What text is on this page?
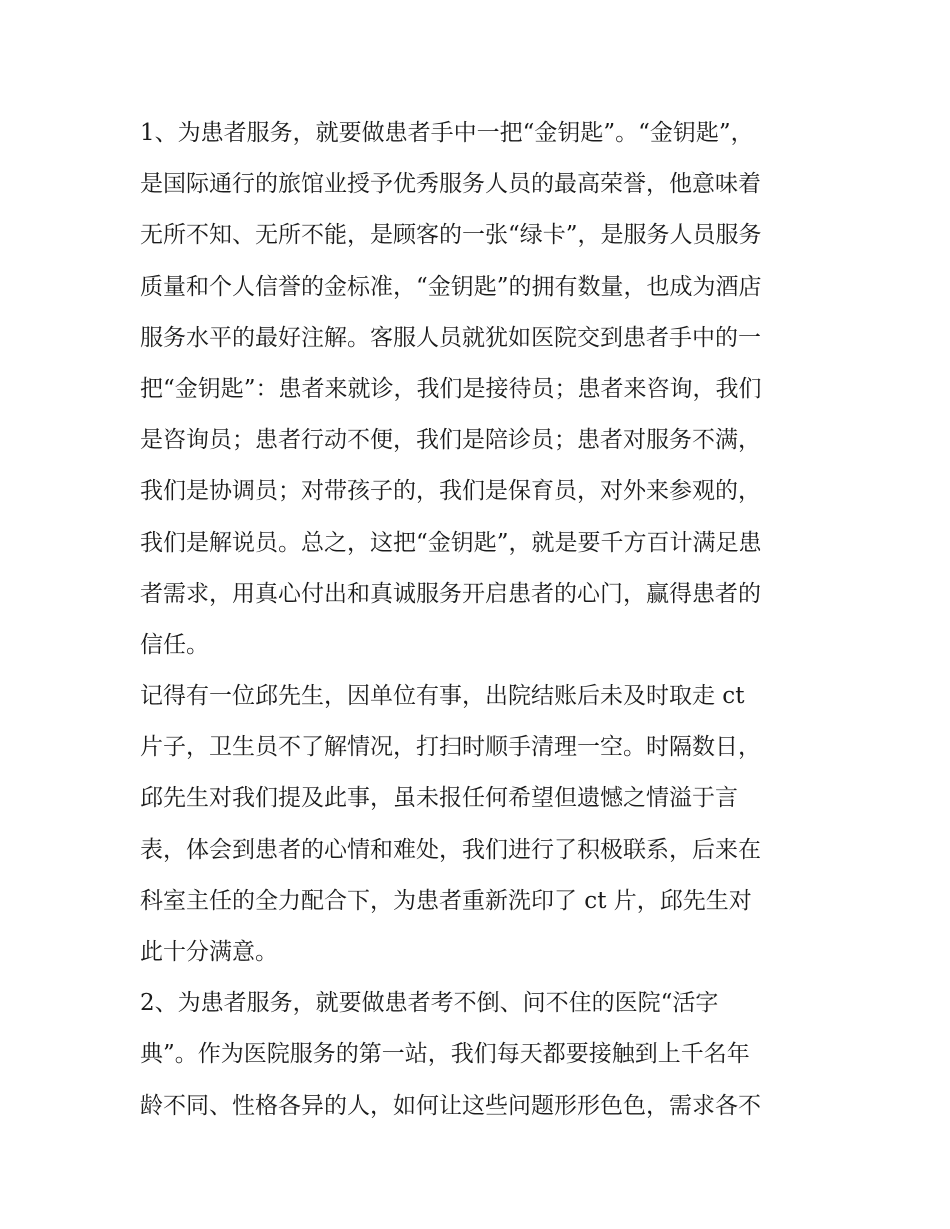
1、为患者服务，就要做患者手中一把“金钥匙”。“金钥匙”，
是国际通行的旅馆业授予优秀服务人员的最高荣誉，他意味着
无所不知、无所不能，是顾客的一张“绿卡”，是服务人员服务
质量和个人信誉的金标准，“金钥匙”的拥有数量，也成为酒店
服务水平的最好注解。客服人员就犹如医院交到患者手中的一
把“金钥匙”：患者来就诊，我们是接待员；患者来咨询，我们
是咨询员；患者行动不便，我们是陪诊员；患者对服务不满，
我们是协调员；对带孩子的，我们是保育员，对外来参观的，
我们是解说员。总之，这把“金钥匙”，就是要千方百计满足患
者需求，用真心付出和真诚服务开启患者的心门，赢得患者的
信任。
记得有一位邱先生，因单位有事，出院结账后未及时取走 ct
片子，卫生员不了解情况，打扫时顺手清理一空。时隔数日，
邱先生对我们提及此事，虽未报任何希望但遗憾之情溢于言
表，体会到患者的心情和难处，我们进行了积极联系，后来在
科室主任的全力配合下，为患者重新洗印了 ct 片，邱先生对
此十分满意。
2、为患者服务，就要做患者考不倒、问不住的医院“活字
典”。作为医院服务的第一站，我们每天都要接触到上千名年
龄不同、性格各异的人，如何让这些问题形形色色，需求各不
